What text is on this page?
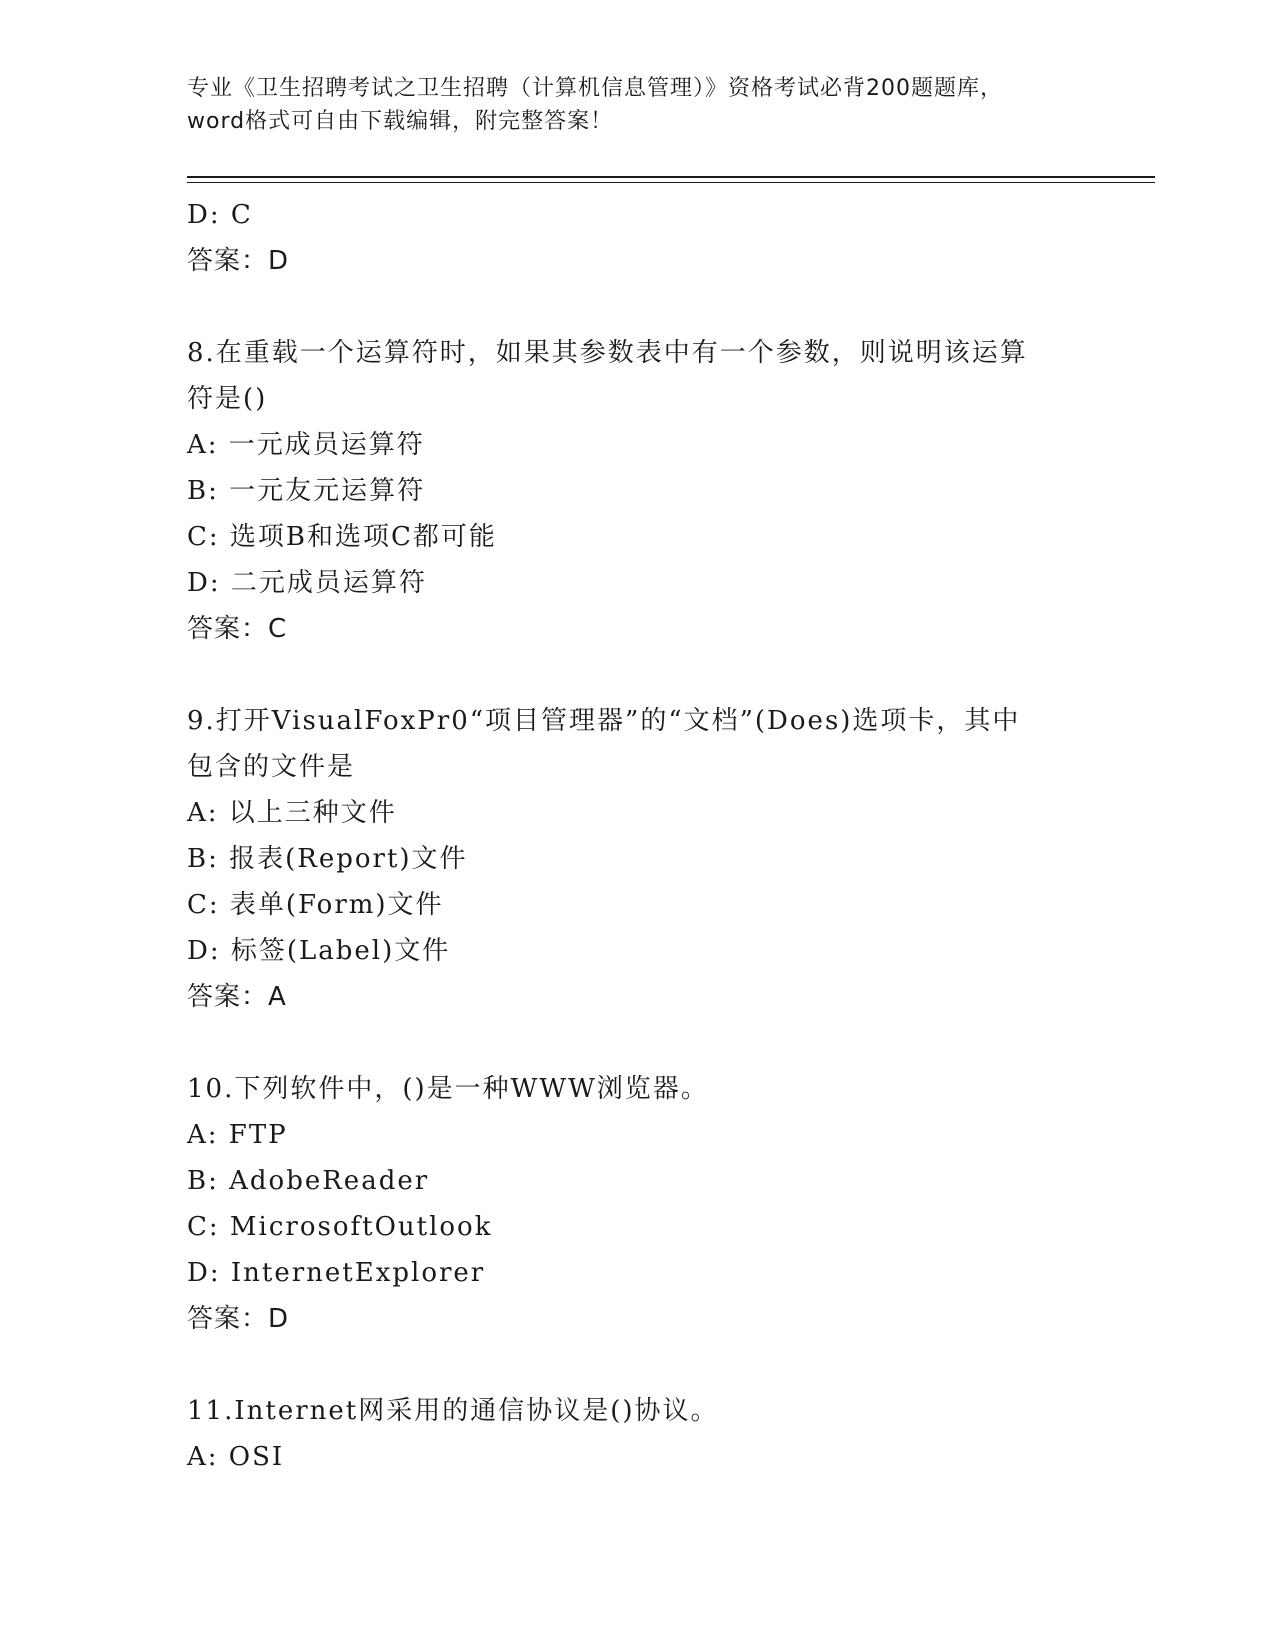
专业《卫生招聘考试之卫生招聘（计算机信息管理）》资格考试必背200题题库，

word格式可自由下载编辑，附完整答案！

D: C
答案：D
8.在重载一个运算符时，如果其参数表中有一个参数，则说明该运算
符是()
A: 一元成员运算符
B: 一元友元运算符
C: 选项B和选项C都可能
D: 二元成员运算符
答案：C
9.打开VisualFoxPr0“项目管理器”的“文档”(Does)选项卡，其中
包含的文件是
A: 以上三种文件
B: 报表(Report)文件
C: 表单(Form)文件
D: 标签(Label)文件
答案：A
10.下列软件中，()是一种WWW浏览器。
A: FTP
B: AdobeReader
C: MicrosoftOutlook
D: InternetExplorer
答案：D
11.Internet网采用的通信协议是()协议。
A: OSI
